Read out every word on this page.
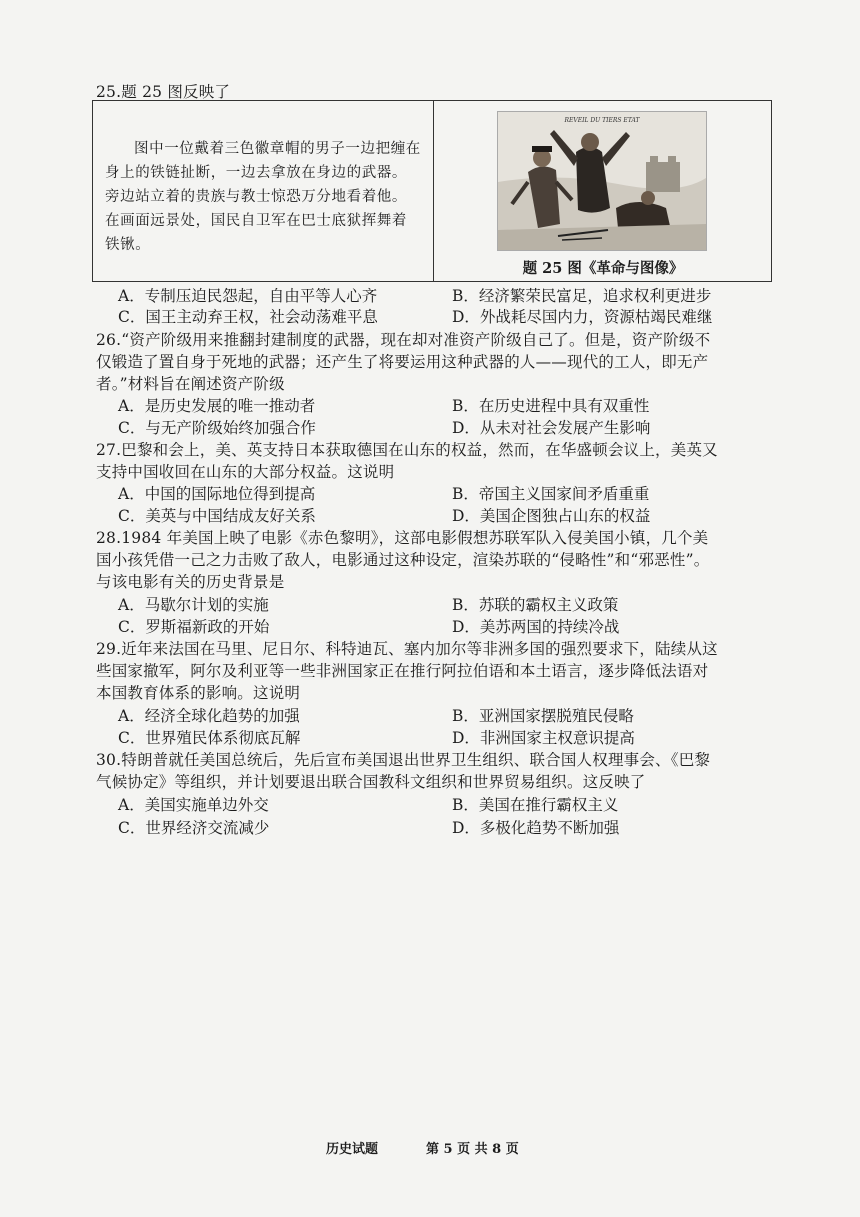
25.题 25 图反映了
图中一位戴着三色徽章帽的男子一边把缠在身上的铁链扯断，一边去拿放在身边的武器。旁边站立着的贵族与教士惊恐万分地看着他。在画面远景处，国民自卫军在巴士底狱挥舞着铁锹。
REVEIL DU TIERS ETAT
题 25 图《革命与图像》
A．专制压迫民怨起，自由平等人心齐	B．经济繁荣民富足，追求权利更进步
C．国王主动弃王权，社会动荡难平息	D．外战耗尽国内力，资源枯竭民难继
26.“资产阶级用来推翻封建制度的武器，现在却对准资产阶级自己了。但是，资产阶级不
仅锻造了置自身于死地的武器；还产生了将要运用这种武器的人——现代的工人，即无产
者。”材料旨在阐述资产阶级
A．是历史发展的唯一推动者	B．在历史进程中具有双重性
C．与无产阶级始终加强合作	D．从未对社会发展产生影响
27.巴黎和会上，美、英支持日本获取德国在山东的权益，然而，在华盛顿会议上，美英又
支持中国收回在山东的大部分权益。这说明
A．中国的国际地位得到提高	B．帝国主义国家间矛盾重重
C．美英与中国结成友好关系	D．美国企图独占山东的权益
28.1984 年美国上映了电影《赤色黎明》，这部电影假想苏联军队入侵美国小镇，几个美
国小孩凭借一己之力击败了敌人，电影通过这种设定，渲染苏联的“侵略性”和“邪恶性”。
与该电影有关的历史背景是
A．马歇尔计划的实施	B．苏联的霸权主义政策
C．罗斯福新政的开始	D．美苏两国的持续冷战
29.近年来法国在马里、尼日尔、科特迪瓦、塞内加尔等非洲多国的强烈要求下，陆续从这
些国家撤军，阿尔及利亚等一些非洲国家正在推行阿拉伯语和本土语言，逐步降低法语对
本国教育体系的影响。这说明
A．经济全球化趋势的加强	B．亚洲国家摆脱殖民侵略
C．世界殖民体系彻底瓦解	D．非洲国家主权意识提高
30.特朗普就任美国总统后，先后宣布美国退出世界卫生组织、联合国人权理事会、《巴黎
气候协定》等组织，并计划要退出联合国教科文组织和世界贸易组织。这反映了
A．美国实施单边外交	B．美国在推行霸权主义
C．世界经济交流减少	D．多极化趋势不断加强
历史试题	第 5 页 共 8 页
